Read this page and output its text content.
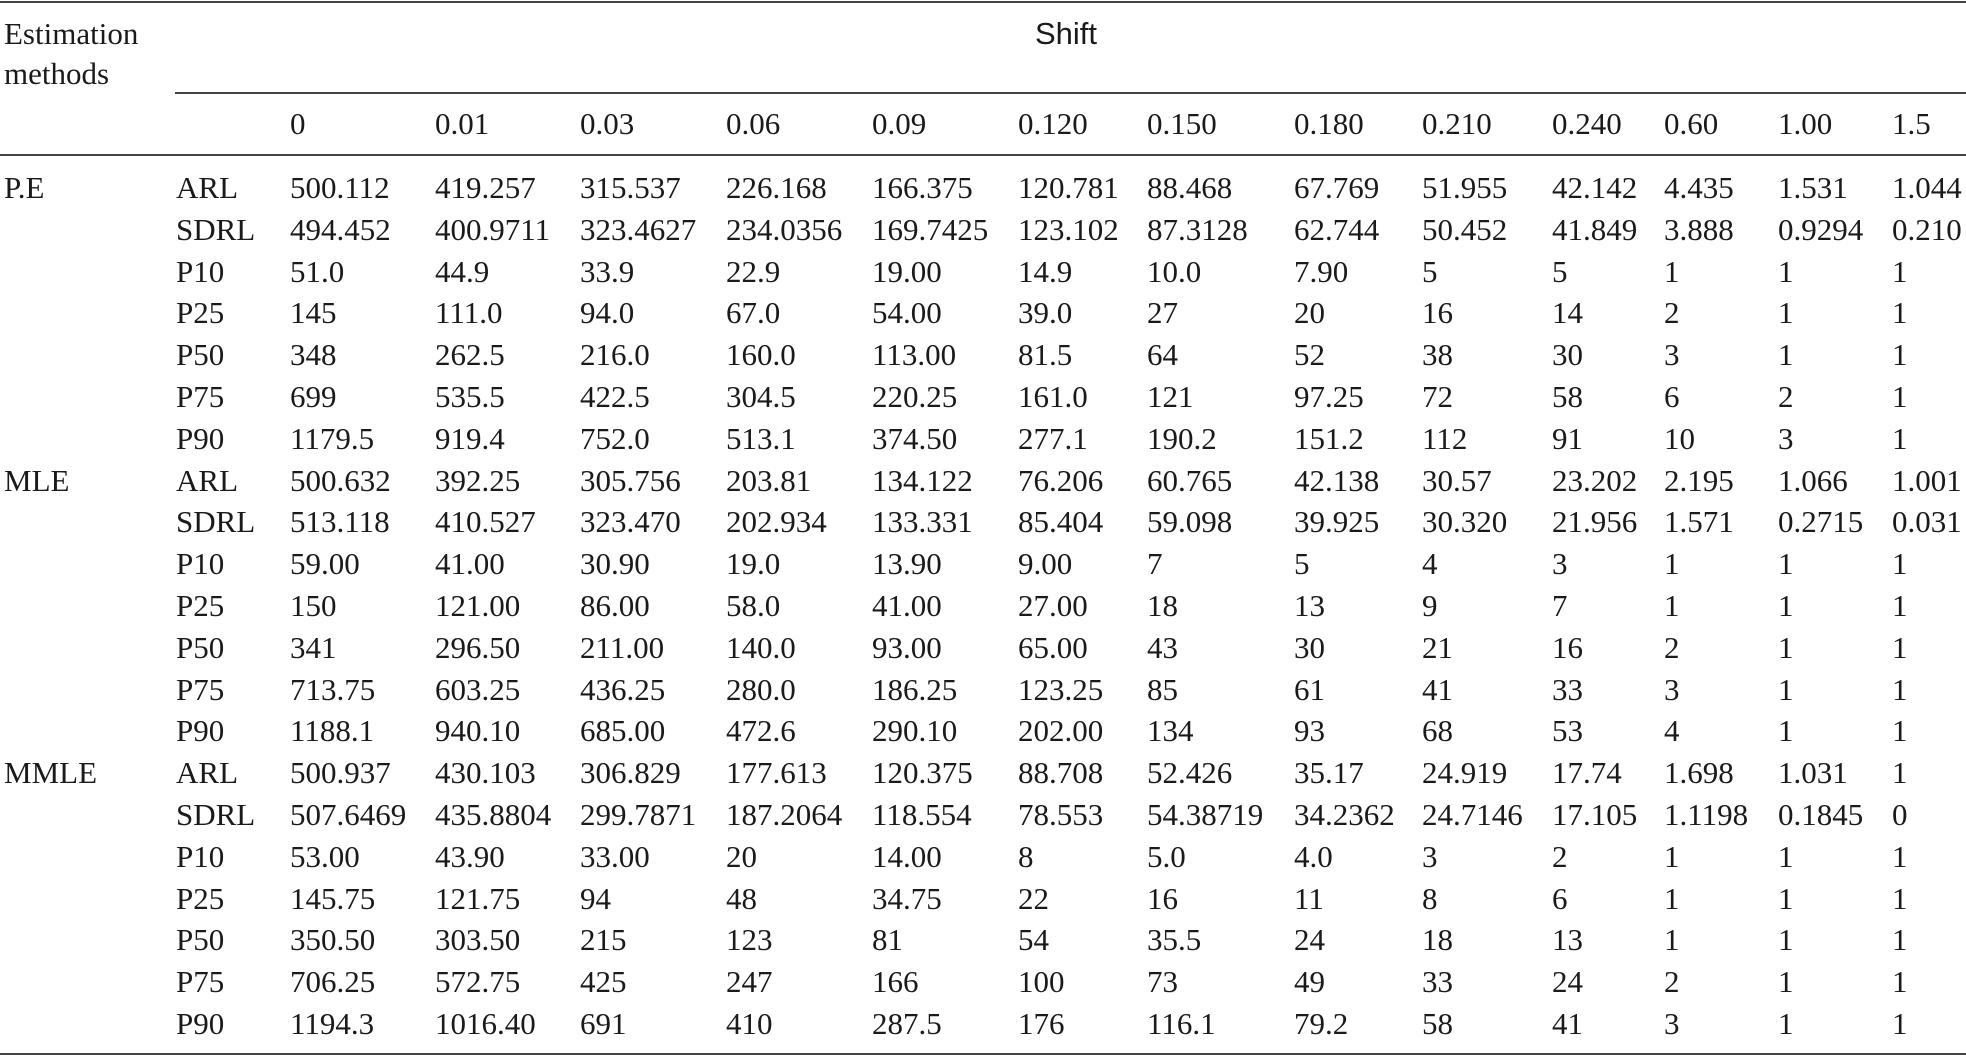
Estimation
methods
Shift
0	0.01	0.03	0.06	0.09	0.120 0.150 0.180 0.210 0.240 0.60 1.00 1.5
P.E	ARL 500.112 419.257 315.537 226.168 166.375 120.781 88.468 67.769 51.955 42.142 4.435 1.531 1.044
SDRL 494.452 400.9711 323.4627 234.0356 169.7425 123.102 87.3128 62.744 50.452 41.849 3.888 0.9294 0.210
P10 51.0	44.9	33.9	22.9	19.00 14.9 10.0	7.90 5	5	1	1	1
P25 145	111.0	94.0	67.0	54.00 39.0 27	20	16	14	2	1	1
P50 348	262.5 216.0 160.0 113.00 81.5 64	52	38	30	3	1	1
P75 699	535.5 422.5 304.5 220.25 161.0 121	97.25 72	58	6	2	1
P90 1179.5 919.4 752.0 513.1 374.50 277.1 190.2 151.2 112	91	10	3	1
MLE	ARL 500.632 392.25 305.756 203.81 134.122 76.206 60.765 42.138 30.57 23.202 2.195 1.066 1.001
SDRL 513.118 410.527 323.470 202.934 133.331 85.404 59.098 39.925 30.320 21.956 1.571 0.2715 0.031
P10 59.00 41.00 30.90 19.0	13.90 9.00 7	5	4	3	1	1	1
P25 150	121.00 86.00 58.0	41.00 27.00 18	13	9	7	1	1	1
P50 341	296.50 211.00 140.0 93.00 65.00 43	30	21	16	2	1	1
P75 713.75 603.25 436.25 280.0 186.25 123.25 85	61	41	33	3	1	1
P90 1188.1 940.10 685.00 472.6 290.10 202.00 134	93	68	53	4	1	1
MMLE	ARL 500.937 430.103 306.829 177.613 120.375 88.708 52.426 35.17 24.919 17.74 1.698 1.031 1
SDRL 507.6469 435.8804 299.7871 187.2064 118.554 78.553 54.38719 34.2362 24.7146 17.105 1.1198 0.1845 0
P10 53.00 43.90 33.00 20	14.00 8	5.0	4.0	3	2	1	1	1
P25 145.75 121.75 94	48	34.75 22	16	11	8	6	1	1	1
P50 350.50 303.50 215	123	81	54	35.5	24	18	13	1	1	1
P75 706.25 572.75 425	247	166	100	73	49	33	24	2	1	1
P90 1194.3 1016.40 691	410	287.5 176	116.1	79.2 58	41	3	1	1
